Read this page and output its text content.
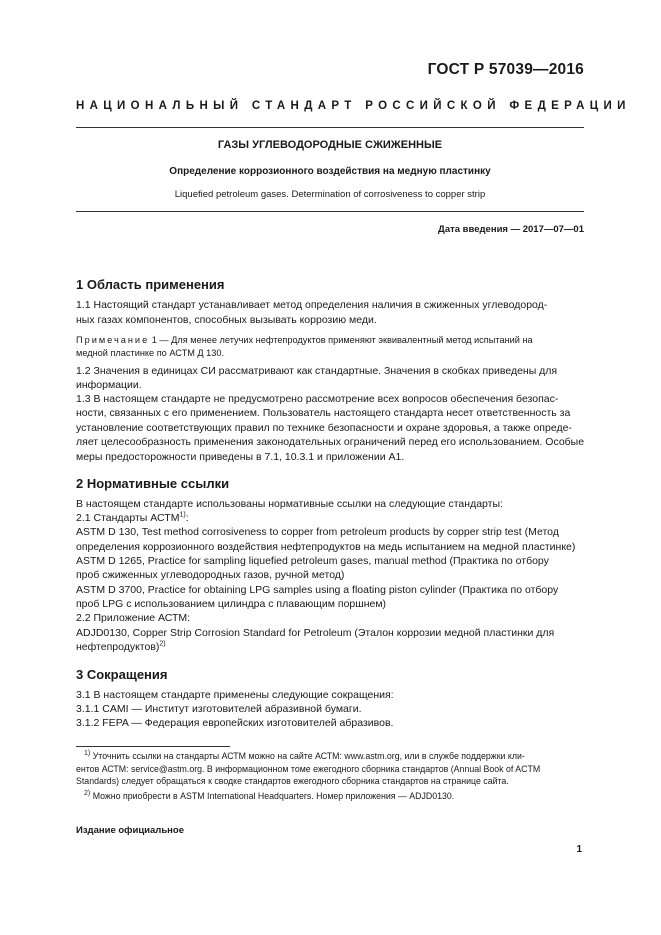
ГОСТ Р 57039—2016
НАЦИОНАЛЬНЫЙ СТАНДАРТ РОССИЙСКОЙ ФЕДЕРАЦИИ
ГАЗЫ УГЛЕВОДОРОДНЫЕ СЖИЖЕННЫЕ
Определение коррозионного воздействия на медную пластинку
Liquefied petroleum gases. Determination of corrosiveness to copper strip
Дата введения — 2017—07—01
1 Область применения
1.1 Настоящий стандарт устанавливает метод определения наличия в сжиженных углеводород-
ных газах компонентов, способных вызывать коррозию меди.
Примечание 1 — Для менее летучих нефтепродуктов применяют эквивалентный метод испытаний на
медной пластинке по АСТМ Д 130.
1.2 Значения в единицах СИ рассматривают как стандартные. Значения в скобках приведены для
информации.
1.3 В настоящем стандарте не предусмотрено рассмотрение всех вопросов обеспечения безопас-
ности, связанных с его применением. Пользователь настоящего стандарта несет ответственность за
установление соответствующих правил по технике безопасности и охране здоровья, а также опреде-
ляет целесообразность применения законодательных ограничений перед его использованием. Особые
меры предосторожности приведены в 7.1, 10.3.1 и приложении А1.
2 Нормативные ссылки
В настоящем стандарте использованы нормативные ссылки на следующие стандарты:
2.1 Стандарты АСТМ$^{1)}$:
ASTM D 130, Test method corrosiveness to copper from petroleum products by copper strip test (Метод
определения коррозионного воздействия нефтепродуктов на медь испытанием на медной пластинке)
ASTM D 1265, Practice for sampling liquefied petroleum gases, manual method (Практика по отбору
проб сжиженных углеводородных газов, ручной метод)
ASTM D 3700, Practice for obtaining LPG samples using a floating piston cylinder (Практика по отбору
проб LPG с использованием цилиндра с плавающим поршнем)
2.2 Приложение АСТМ:
ADJD0130, Copper Strip Corrosion Standard for Petroleum (Эталон коррозии медной пластинки для
нефтепродуктов)$^{2)}$
3 Сокращения
3.1 В настоящем стандарте применены следующие сокращения:
3.1.1 CAMI — Институт изготовителей абразивной бумаги.
3.1.2 FEPA — Федерация европейских изготовителей абразивов.
$^{1)}$ Уточнить ссылки на стандарты АСТМ можно на сайте АСТМ: www.astm.org, или в службе поддержки кли-
ентов АСТМ: service@astm.org. В информационном томе ежегодного сборника стандартов (Annual Book of ACTM
Standards) следует обращаться к сводке стандартов ежегодного сборника стандартов на странице сайта.
$^{2)}$ Можно приобрести в ASTM International Headquarters. Номер приложения — ADJD0130.
Издание официальное
1
